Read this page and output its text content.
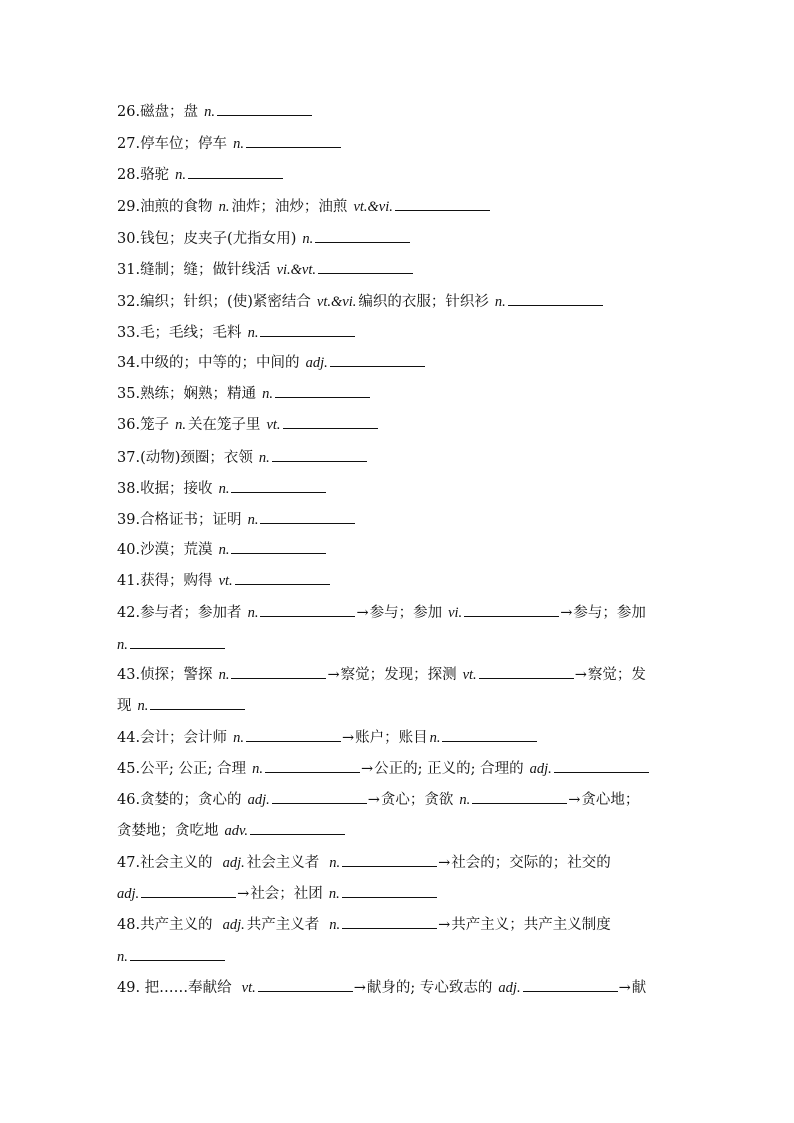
26.磁盘；盘 n.
27.停车位；停车 n.
28.骆驼 n.
29.油煎的食物 n. 油炸；油炒；油煎 vt.&vi.
30.钱包；皮夹子(尤指女用) n.
31.缝制；缝；做针线活 vi.&vt.
32.编织；针织；(使)紧密结合 vt.&vi. 编织的衣服；针织衫 n.
33.毛；毛线；毛料 n.
34.中级的；中等的；中间的 adj.
35.熟练；娴熟；精通 n.
36.笼子 n. 关在笼子里 vt.
37.(动物)颈圈；衣领 n.
38.收据；接收 n.
39.合格证书；证明 n.
40.沙漠；荒漠 n.
41.获得；购得 vt.
42.参与者；参加者 n.	→参与；参加 vi.	→参与；参加
n.
43.侦探；警探 n.	→察觉；发现；探测 vt.	→察觉；发
现 n.
44.会计；会计师 n.	→账户；账目 n.
45.公平; 公正; 合理 n.	→公正的; 正义的; 合理的 adj.
46.贪婪的；贪心的 adj.	→贪心；贪欲 n.	→贪心地；
贪婪地；贪吃地 adv.
47.社会主义的 adj. 社会主义者 n.	→社会的；交际的；社交的
adj.	→社会；社团 n.
48.共产主义的 adj. 共产主义者 n.	→共产主义；共产主义制度
n.
49. 把……奉献给 vt.	→献身的; 专心致志的 adj.	→献
